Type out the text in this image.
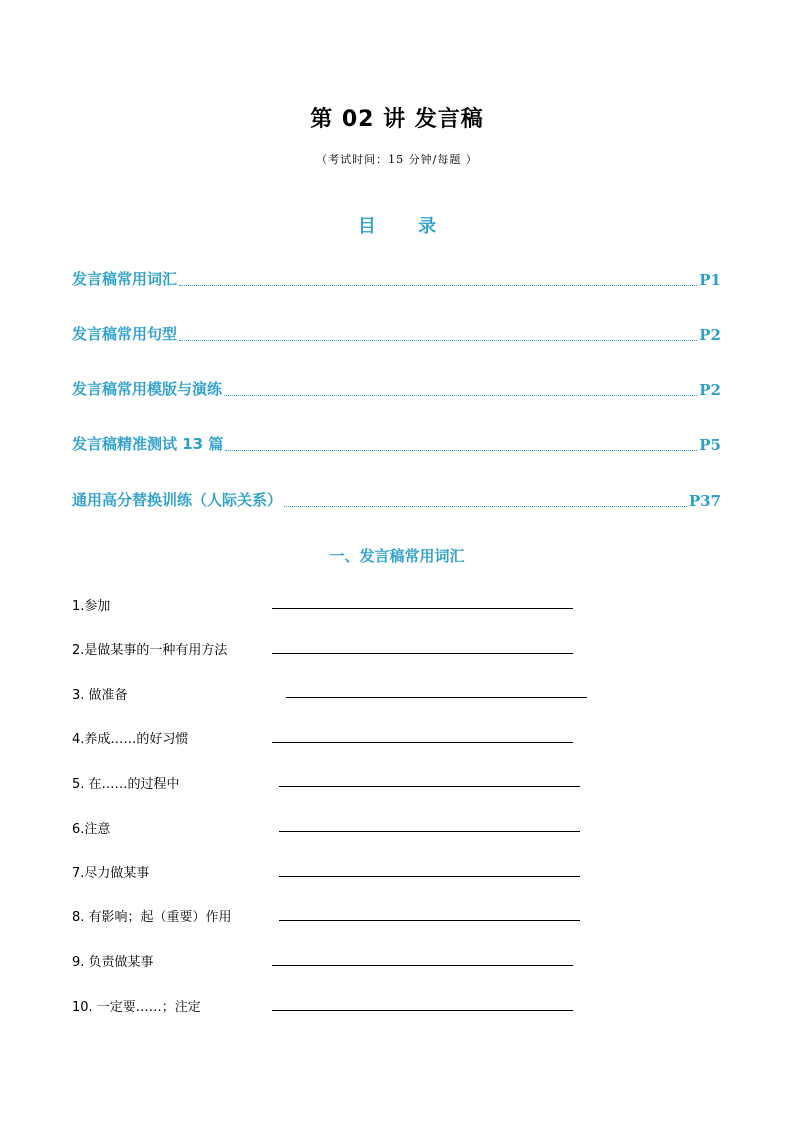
第 02 讲 发言稿
（考试时间：15 分钟/每题 ）
目 录
发言稿常用词汇	P1
发言稿常用句型	P2
发言稿常用模版与演练	P2
发言稿精准测试 13 篇	P5
通用高分替换训练（人际关系）	P37
一、发言稿常用词汇
1.参加
2.是做某事的一种有用方法
3. 做准备
4.养成……的好习惯
5. 在……的过程中
6.注意
7.尽力做某事
8. 有影响；起（重要）作用
9. 负责做某事
10. 一定要……；注定
